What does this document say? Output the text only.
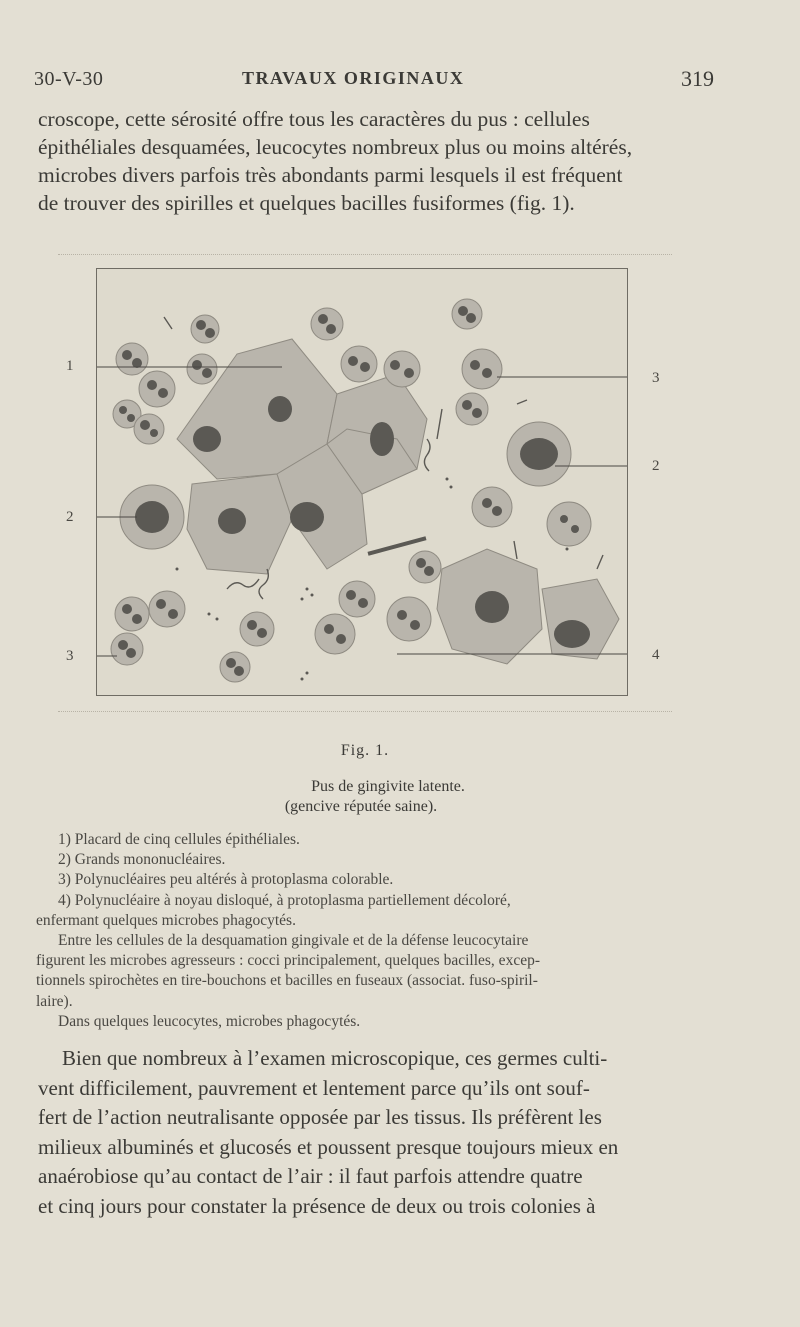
30-V-30	TRAVAUX ORIGINAUX	319

croscope, cette sérosité offre tous les caractères du pus : cellules
épithéliales desquamées, leucocytes nombreux plus ou moins altérés,
microbes divers parfois très abondants parmi lesquels il est fréquent
de trouver des spirilles et quelques bacilles fusiformes (fig. 1).

1
2
3
3
2
4

Fig. 1.

Pus de gingivite latente.

(gencive réputée saine).

1) Placard de cinq cellules épithéliales.
2) Grands mononucléaires.
3) Polynucléaires peu altérés à protoplasma colorable.
4) Polynucléaire à noyau disloqué, à protoplasma partiellement décoloré,
enfermant quelques microbes phagocytés.
Entre les cellules de la desquamation gingivale et de la défense leucocytaire
figurent les microbes agresseurs : cocci principalement, quelques bacilles, excep-
tionnels spirochètes en tire-bouchons et bacilles en fuseaux (associat. fuso-spiril-
laire).
Dans quelques leucocytes, microbes phagocytés.

Bien que nombreux à l’examen microscopique, ces germes culti-
vent difficilement, pauvrement et lentement parce qu’ils ont souf-
fert de l’action neutralisante opposée par les tissus. Ils préfèrent les
milieux albuminés et glucosés et poussent presque toujours mieux en
anaérobiose qu’au contact de l’air : il faut parfois attendre quatre
et cinq jours pour constater la présence de deux ou trois colonies à
